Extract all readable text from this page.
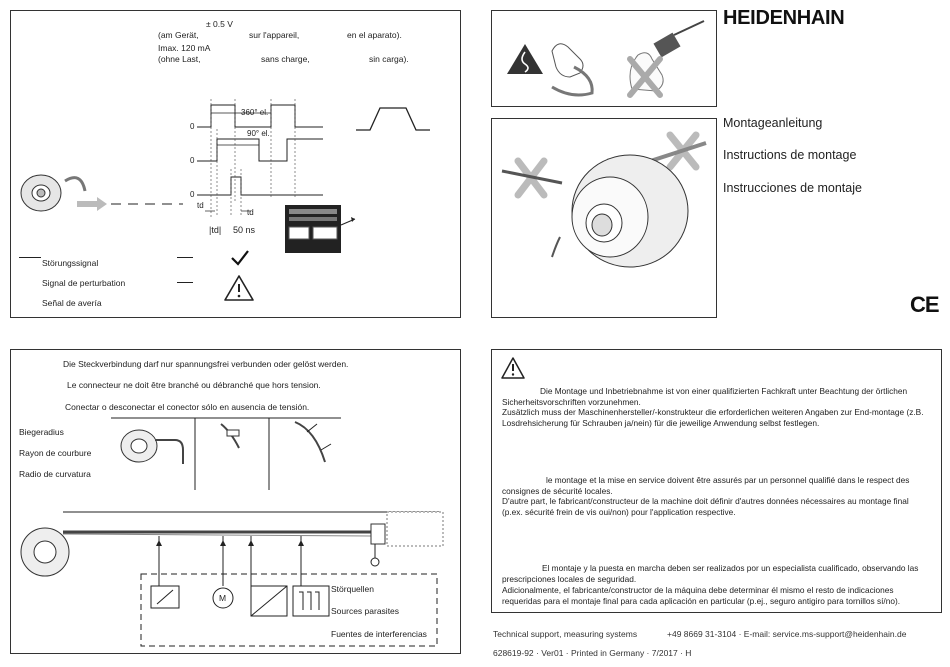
± 0.5 V
(am Gerät,	sur l'appareil,	en el aparato).
Imax. 120 mA
(ohne Last,	sans charge,	sin carga).
360° el.
90° el.
0
0
0
td
td
|td| 50 ns
Störungssignal
Signal de perturbation
Señal de avería
HEIDENHAIN
Montageanleitung
Instructions de montage
Instrucciones de montaje
CE
Die Steckverbindung darf nur spannungsfrei verbunden oder gelöst werden.
Le connecteur ne doit être branché ou débranché que hors tension.
Conectar o desconectar el conector sólo en ausencia de tensión.
Biegeradius
Rayon de courbure
Radio de curvatura
M
Störquellen
Sources parasites
Fuentes de interferencias
Die Montage und Inbetriebnahme ist von einer qualifizierten Fachkraft unter Beachtung der örtlichen Sicherheitsvorschriften vorzunehmen.
Zusätzlich muss der Maschinenhersteller/-konstrukteur die erforderlichen weiteren Angaben zur End-montage (z.B. Losdrehsicherung für Schrauben ja/nein) für die jeweilige Anwendung selbst festlegen.
le montage et la mise en service doivent être assurés par un personnel qualifié dans le respect des consignes de sécurité locales.
D'autre part, le fabricant/constructeur de la machine doit définir d'autres données nécessaires au montage final (p.ex. sécurité frein de vis oui/non) pour l'application respective.
El montaje y la puesta en marcha deben ser realizados por un especialista cualificado, observando las prescripciones locales de seguridad.
Adicionalmente, el fabricante/constructor de la máquina debe determinar él mismo el resto de indicaciones requeridas para el montaje final para cada aplicación en particular (p.ej., seguro antigiro para tornillos sí/no).
Technical support, measuring systems	+49 8669 31-3104 · E-mail: service.ms-support@heidenhain.de
628619-92 · Ver01 · Printed in Germany · 7/2017 · H
